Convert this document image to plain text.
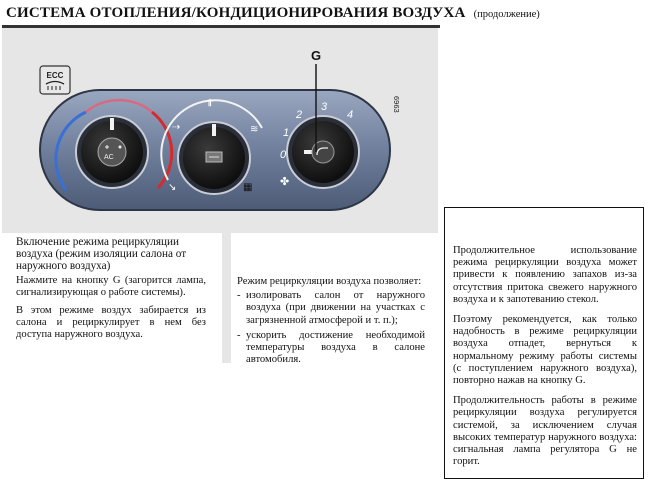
СИСТЕМА ОТОПЛЕНИЯ/КОНДИЦИОНИРОВАНИЯ ВОЗДУХА (продолжение)
ECC
AC
⥣
⇢	≋
↘	▦
0
1
2
3
4
✤
G
6963

Включение режима рециркуляции воздуха (режим изоляции салона от наружного воздуха)

Нажмите на кнопку G (загорится лампа, сигнализирующая о работе системы).

В этом режиме воздух забирается из салона и рециркулирует в нем без доступа наружного воздуха.

Режим рециркуляции воздуха позволяет:

- изолировать салон от наружного воздуха (при движении на участках с загрязненной атмосферой и т. п.);
- ускорить достижение необходимой температуры воздуха в салоне автомобиля.

Продолжительное использование режима рециркуляции воздуха может привести к появлению запахов из-за отсутствия притока свежего наружного воздуха и к запотеванию стекол.

Поэтому рекомендуется, как только надобность в режиме рециркуляции воздуха отпадет, вернуться к нормальному режиму работы системы (с поступлением наружного воздуха), повторно нажав на кнопку G.

Продолжительность работы в режиме рециркуляции воздуха регулируется системой, за исключением случая высоких температур наружного воздуха: сигнальная лампа регулятора G не горит.
